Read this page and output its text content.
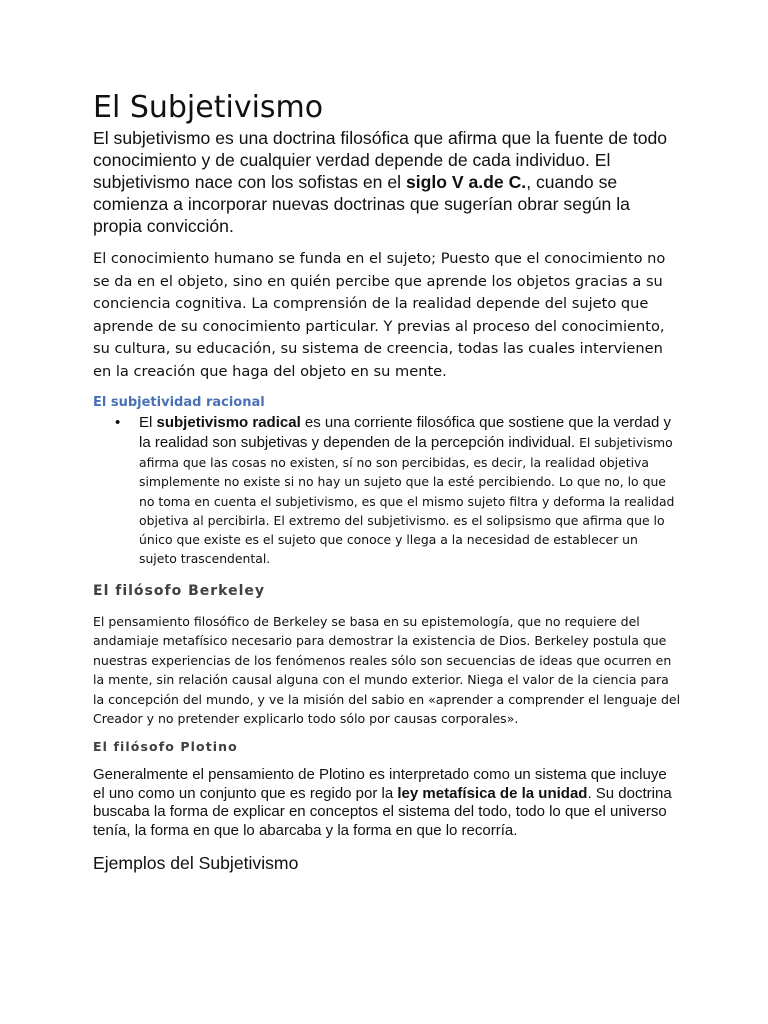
El Subjetivismo

El subjetivismo es una doctrina filosófica que afirma que la fuente de todo conocimiento y de cualquier verdad depende de cada individuo. El subjetivismo nace con los sofistas en el siglo V a.de C., cuando se comienza a incorporar nuevas doctrinas que sugerían obrar según la propia convicción.

El conocimiento humano se funda en el sujeto; Puesto que el conocimiento no se da en el objeto, sino en quién percibe que aprende los objetos gracias a su conciencia cognitiva. La comprensión de la realidad depende del sujeto que aprende de su conocimiento particular. Y previas al proceso del conocimiento, su cultura, su educación, su sistema de creencia, todas las cuales intervienen en la creación que haga del objeto en su mente.

El subjetividad racional
• El subjetivismo radical es una corriente filosófica que sostiene que la verdad y la realidad son subjetivas y dependen de la percepción individual. El subjetivismo afirma que las cosas no existen, sí no son percibidas, es decir, la realidad objetiva simplemente no existe si no hay un sujeto que la esté percibiendo. Lo que no, lo que no toma en cuenta el subjetivismo, es que el mismo sujeto filtra y deforma la realidad objetiva al percibirla. El extremo del subjetivismo. es el solipsismo que afirma que lo único que existe es el sujeto que conoce y llega a la necesidad de establecer un sujeto trascendental.
El filósofo Berkeley

El pensamiento filosófico de Berkeley se basa en su epistemología, que no requiere del andamiaje metafísico necesario para demostrar la existencia de Dios. Berkeley postula que nuestras experiencias de los fenómenos reales sólo son secuencias de ideas que ocurren en la mente, sin relación causal alguna con el mundo exterior. Niega el valor de la ciencia para la concepción del mundo, y ve la misión del sabio en «aprender a comprender el lenguaje del Creador y no pretender explicarlo todo sólo por causas corporales».

El filósofo Plotino

Generalmente el pensamiento de Plotino es interpretado como un sistema que incluye el uno como un conjunto que es regido por la ley metafísica de la unidad. Su doctrina buscaba la forma de explicar en conceptos el sistema del todo, todo lo que el universo tenía, la forma en que lo abarcaba y la forma en que lo recorría.

Ejemplos del Subjetivismo
